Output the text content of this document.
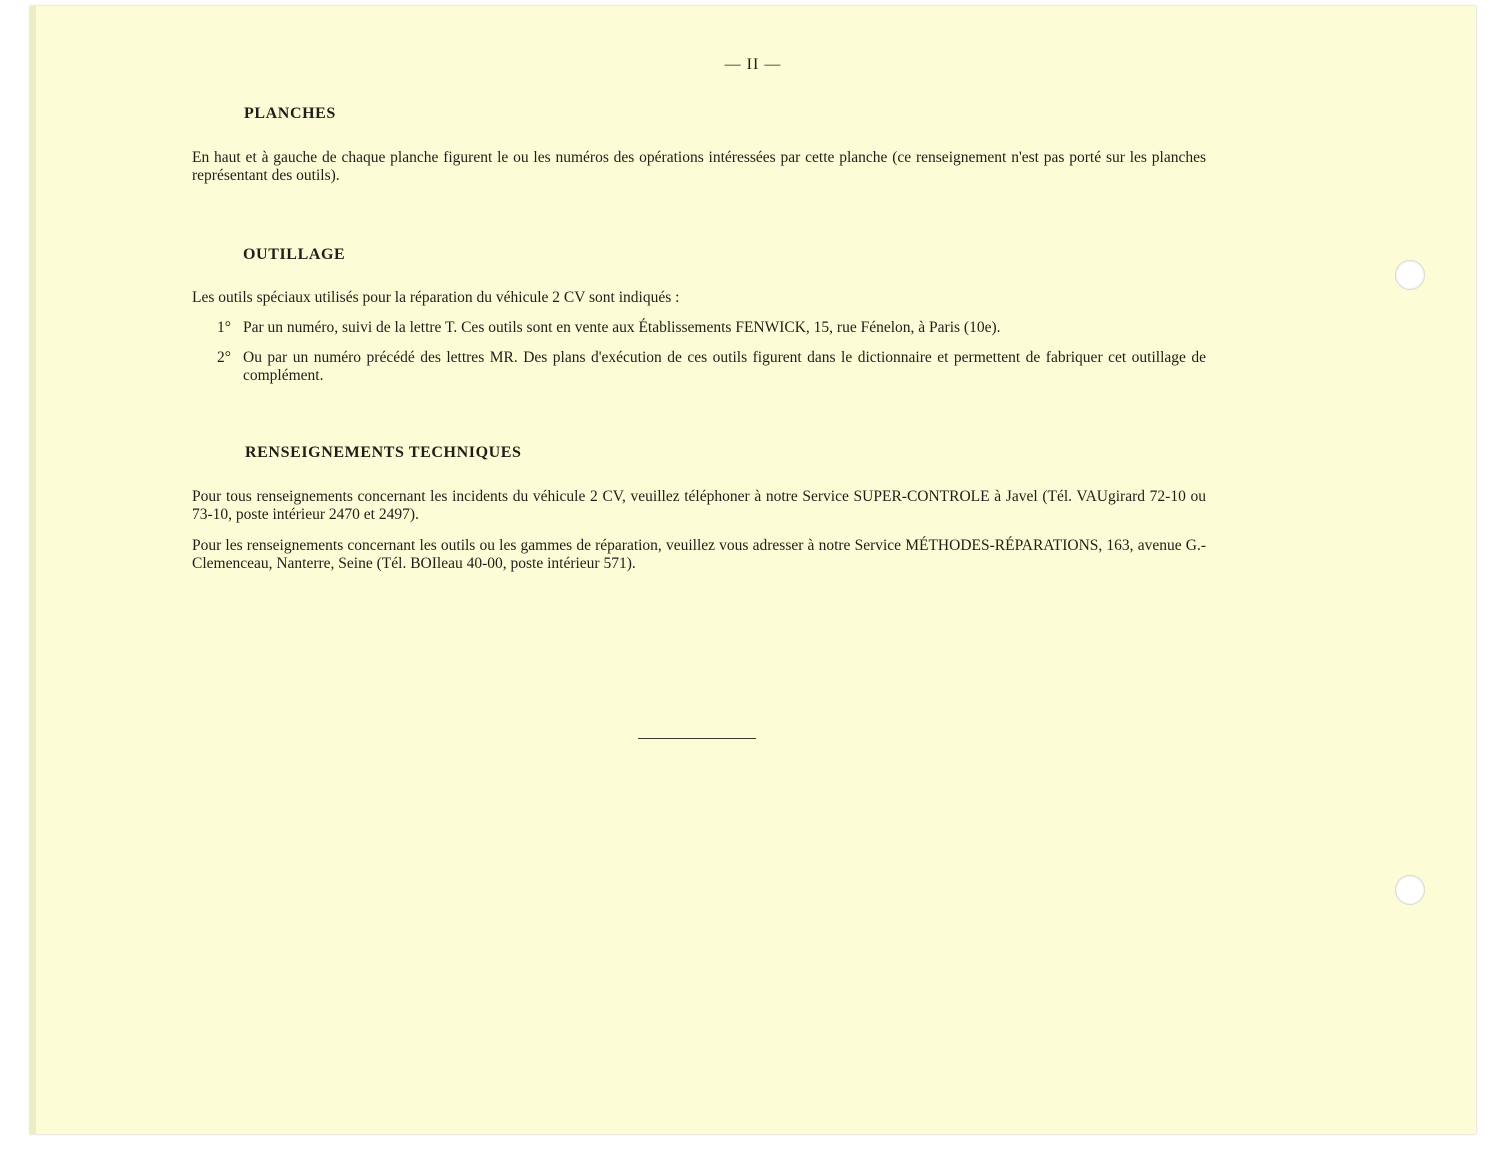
— II —
PLANCHES
En haut et à gauche de chaque planche figurent le ou les numéros des opérations intéressées par cette planche (ce renseignement n'est pas porté sur les planches représentant des outils).
OUTILLAGE
Les outils spéciaux utilisés pour la réparation du véhicule 2 CV sont indiqués :
1° Par un numéro, suivi de la lettre T. Ces outils sont en vente aux Établissements FENWICK, 15, rue Fénelon, à Paris (10e).
2° Ou par un numéro précédé des lettres MR. Des plans d'exécution de ces outils figurent dans le dictionnaire et permettent de fabriquer cet outillage de complément.
RENSEIGNEMENTS TECHNIQUES
Pour tous renseignements concernant les incidents du véhicule 2 CV, veuillez téléphoner à notre Service SUPER-CONTROLE à Javel (Tél. VAUgirard 72-10 ou 73-10, poste intérieur 2470 et 2497).
Pour les renseignements concernant les outils ou les gammes de réparation, veuillez vous adresser à notre Service MÉTHODES-RÉPARATIONS, 163, avenue G.-Clemenceau, Nanterre, Seine (Tél. BOIleau 40-00, poste intérieur 571).
